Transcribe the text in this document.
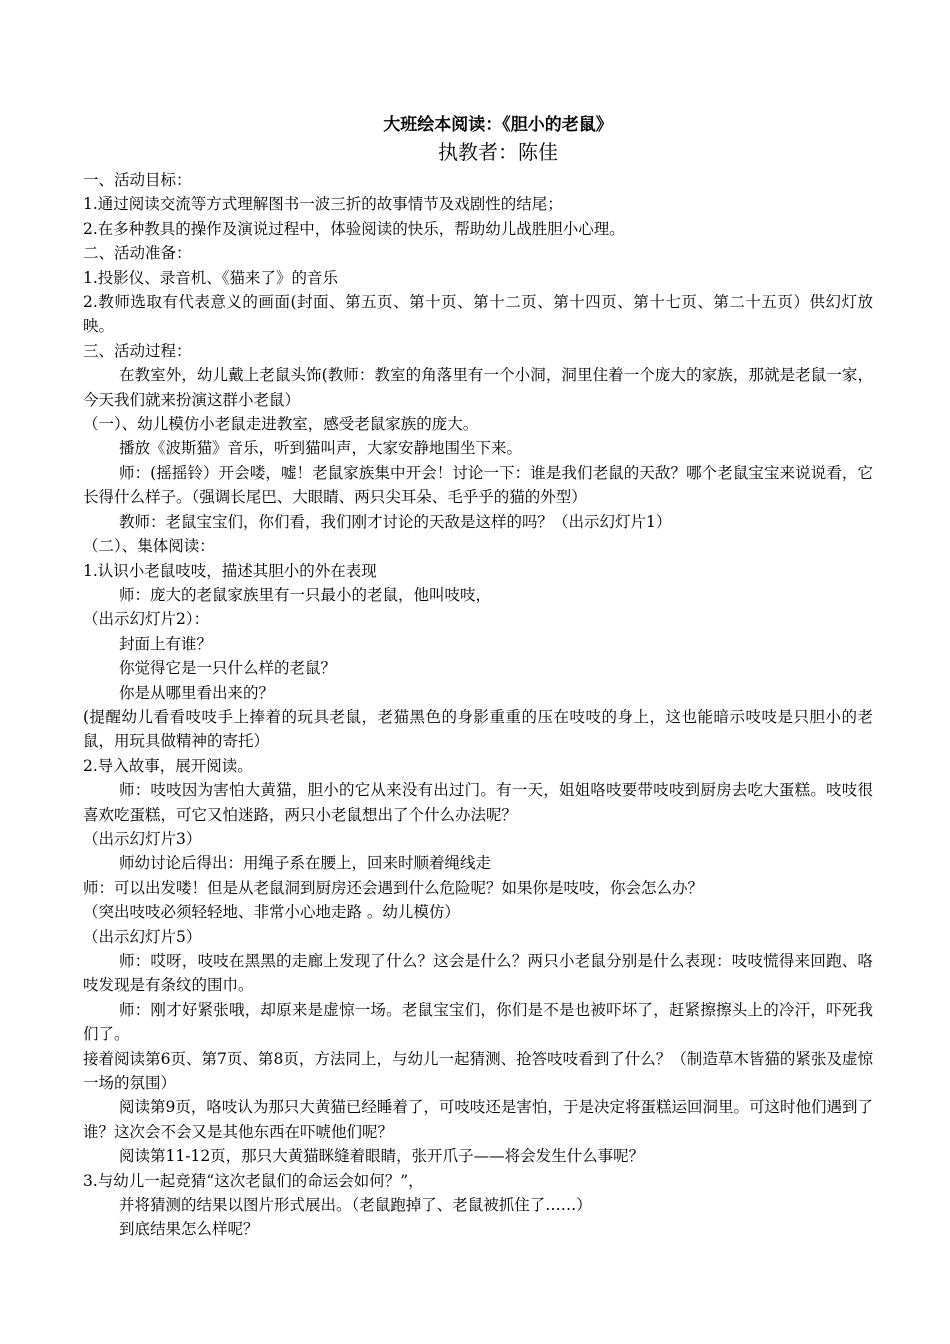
大班绘本阅读：《胆小的老鼠》

执教者：陈佳

一、活动目标：

1.通过阅读交流等方式理解图书一波三折的故事情节及戏剧性的结尾；

2.在多种教具的操作及演说过程中，体验阅读的快乐，帮助幼儿战胜胆小心理。

二、活动准备：

1.投影仪、录音机、《猫来了》的音乐

2.教师选取有代表意义的画面(封面、第五页、第十页、第十二页、第十四页、第十七页、第二十五页）供幻灯放映。

三、活动过程：

在教室外，幼儿戴上老鼠头饰(教师：教室的角落里有一个小洞，洞里住着一个庞大的家族，那就是老鼠一家，今天我们就来扮演这群小老鼠）

（一）、幼儿模仿小老鼠走进教室，感受老鼠家族的庞大。

播放《波斯猫》音乐，听到猫叫声，大家安静地围坐下来。

师：(摇摇铃）开会喽，嘘！老鼠家族集中开会！讨论一下：谁是我们老鼠的天敌？哪个老鼠宝宝来说说看，它长得什么样子。（强调长尾巴、大眼睛、两只尖耳朵、毛乎乎的猫的外型）

教师：老鼠宝宝们，你们看，我们刚才讨论的天敌是这样的吗？（出示幻灯片1）

（二）、集体阅读：

1.认识小老鼠吱吱，描述其胆小的外在表现

师：庞大的老鼠家族里有一只最小的老鼠，他叫吱吱，

（出示幻灯片2）：

封面上有谁？

你觉得它是一只什么样的老鼠？

你是从哪里看出来的？

(提醒幼儿看看吱吱手上捧着的玩具老鼠，老猫黑色的身影重重的压在吱吱的身上，这也能暗示吱吱是只胆小的老鼠，用玩具做精神的寄托）

2.导入故事，展开阅读。

师：吱吱因为害怕大黄猫，胆小的它从来没有出过门。有一天，姐姐咯吱要带吱吱到厨房去吃大蛋糕。吱吱很喜欢吃蛋糕，可它又怕迷路，两只小老鼠想出了个什么办法呢？

（出示幻灯片3）

师幼讨论后得出：用绳子系在腰上，回来时顺着绳线走

师：可以出发喽！但是从老鼠洞到厨房还会遇到什么危险呢？如果你是吱吱，你会怎么办？

（突出吱吱必须轻轻地、非常小心地走路 。幼儿模仿）

（出示幻灯片5）

师：哎呀，吱吱在黑黑的走廊上发现了什么？这会是什么？两只小老鼠分别是什么表现：吱吱慌得来回跑、咯吱发现是有条纹的围巾。

师：刚才好紧张哦，却原来是虚惊一场。老鼠宝宝们，你们是不是也被吓坏了，赶紧擦擦头上的冷汗，吓死我们了。

接着阅读第6页、第7页、第8页，方法同上，与幼儿一起猜测、抢答吱吱看到了什么？（制造草木皆猫的紧张及虚惊一场的氛围）

阅读第9页，咯吱认为那只大黄猫已经睡着了，可吱吱还是害怕，于是决定将蛋糕运回洞里。可这时他们遇到了谁？这次会不会又是其他东西在吓唬他们呢？

阅读第11-12页，那只大黄猫眯缝着眼睛，张开爪子——将会发生什么事呢？

3.与幼儿一起竞猜“这次老鼠们的命运会如何？”，

并将猜测的结果以图片形式展出。（老鼠跑掉了、老鼠被抓住了……）

到底结果怎么样呢？
